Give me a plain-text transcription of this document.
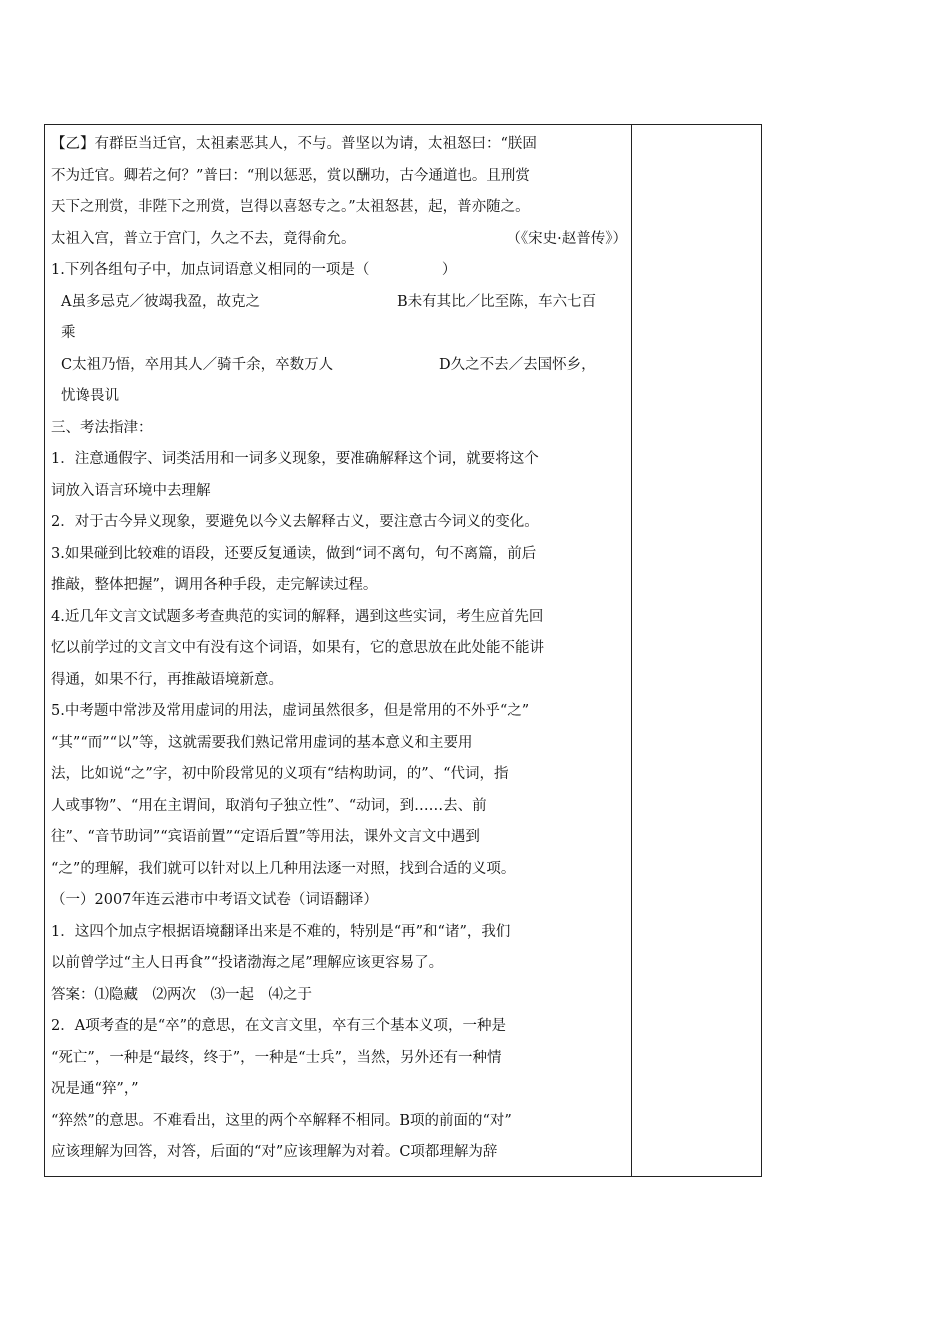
【乙】有群臣当迁官，太祖素恶其人，不与。普坚以为请，太祖怒曰：“朕固
不为迁官。卿若之何？”普曰：“刑以惩恶，赏以酬功，古今通道也。且刑赏
天下之刑赏，非陛下之刑赏，岂得以喜怒专之。”太祖怒甚，起，普亦随之。
太祖入宫，普立于宫门，久之不去，竟得俞允。	（《宋史·赵普传》）
1.下列各组句子中，加点词语意义相同的一项是（　　　　　）
A虽多忌克／彼竭我盈，故克之	B未有其比／比至陈，车六七百
乘
C太祖乃悟，卒用其人／骑千余，卒数万人	D久之不去／去国怀乡，
忧谗畏讥
三、考法指津：
1．注意通假字、词类活用和一词多义现象，要准确解释这个词，就要将这个
词放入语言环境中去理解
2．对于古今异义现象，要避免以今义去解释古义，要注意古今词义的变化。
3.如果碰到比较难的语段，还要反复通读，做到“词不离句，句不离篇，前后
推敲，整体把握”，调用各种手段，走完解读过程。
4.近几年文言文试题多考查典范的实词的解释，遇到这些实词，考生应首先回
忆以前学过的文言文中有没有这个词语，如果有，它的意思放在此处能不能讲
得通，如果不行，再推敲语境新意。
5.中考题中常涉及常用虚词的用法，虚词虽然很多，但是常用的不外乎“之”
“其”“而”“以”等，这就需要我们熟记常用虚词的基本意义和主要用
法，比如说“之”字，初中阶段常见的义项有“结构助词，的”、“代词，指
人或事物”、“用在主谓间，取消句子独立性”、“动词，到……去、前
往”、“音节助词”“宾语前置”“定语后置”等用法，课外文言文中遇到
“之”的理解，我们就可以针对以上几种用法逐一对照，找到合适的义项。
（一）2007年连云港市中考语文试卷（词语翻译）
1．这四个加点字根据语境翻译出来是不难的，特别是“再”和“诸”，我们
以前曾学过“主人日再食”“投诸渤海之尾”理解应该更容易了。
答案：⑴隐藏　⑵两次　⑶一起　⑷之于
2．A项考查的是“卒”的意思，在文言文里，卒有三个基本义项，一种是
“死亡”，一种是“最终，终于”，一种是“士兵”，当然，另外还有一种情
况是通“猝”，”
“猝然”的意思。不难看出，这里的两个卒解释不相同。B项的前面的“对”
应该理解为回答，对答，后面的“对”应该理解为对着。C项都理解为辞
